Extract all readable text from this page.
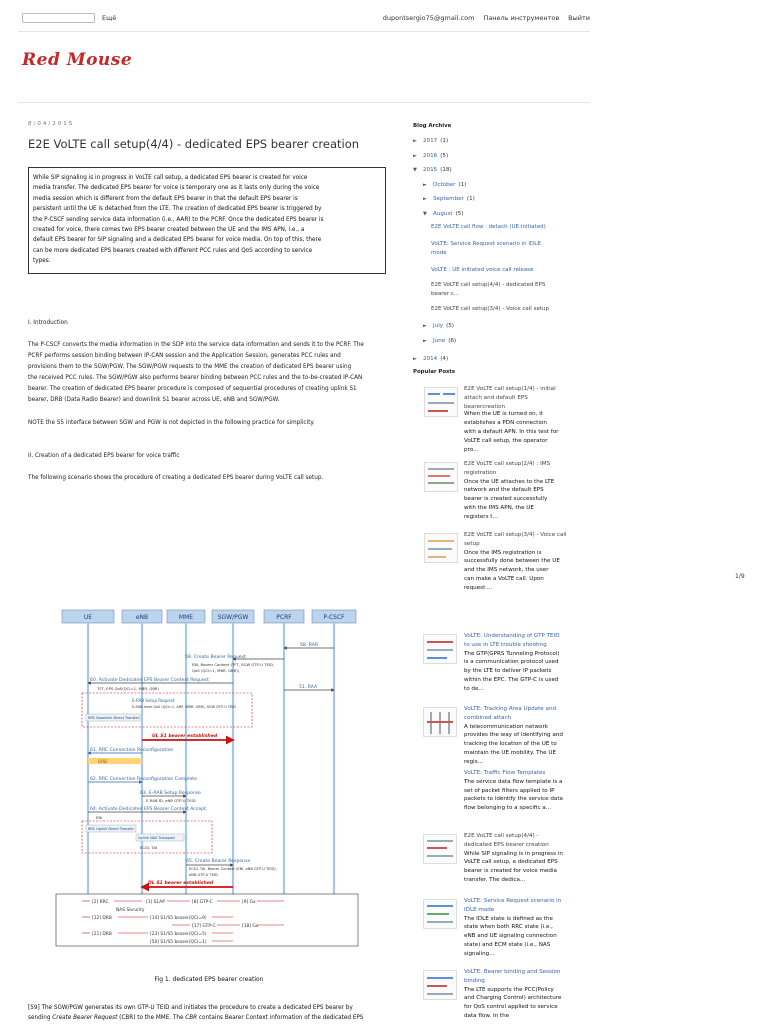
Ещё	dupontsergio75@gmail.com Панель инструментов Выйти
Red Mouse
8/04/2015
E2E VoLTE call setup(4/4) - dedicated EPS bearer creation
While SIP signaling is in progress in VoLTE call setup, a dedicated EPS bearer is created for voice
media transfer. The dedicated EPS bearer for voice is temporary one as it lasts only during the voice
media session which is different from the default EPS bearer in that the default EPS bearer is
persistent until the UE is detached from the LTE. The creation of dedicated EPS bearer is triggered by
the P-CSCF sending service data information (i.e., AAR) to the PCRF. Once the dedicated EPS bearer is
created for voice, there comes two EPS bearer created between the UE and the IMS APN, i.e., a
default EPS bearer for SIP signaling and a dedicated EPS bearer for voice media. On top of this, there
can be more dedicated EPS bearers created with different PCC rules and QoS according to service
types.
I. Introduction
The P-CSCF converts the media information in the SDP into the service data information and sends it to the PCRF. The
PCRF performs session binding between IP-CAN session and the Application Session, generates PCC rules and
provisions them to the SGW/PGW. The SGW/PGW requests to the MME the creation of dedicated EPS bearer using
the received PCC rules. The SGW/PGW also performs bearer binding between PCC rules and the to-be-created IP-CAN
bearer. The creation of dedicated EPS bearer procedure is composed of sequential procedures of creating uplink S1
bearer, DRB (Data Radio Bearer) and downlink S1 bearer across UE, eNB and SGW/PGW.
NOTE the S5 interface between SGW and PGW is not depicted in the following practice for simplicity.
II. Creation of a dedicated EPS bearer for voice traffic
The following scenario shows the procedure of creating a dedicated EPS bearer during VoLTE call setup.
Blog Archive
►	2017 (1)
►	2016 (5)
▼	2015 (18)
►	October (1)
►	September (1)
▼	August (5)
E2E VoLTE call flow : detach (UE-initiated)
VoLTE: Service Request scenario in IDLE mode
VoLTE : UE initiated voice call release
E2E VoLTE call setup(4/4) - dedicated EPS bearer c...
E2E VoLTE call setup(3/4) - Voice call setup
►	July (5)
►	June (6)
►	2014 (4)
Popular Posts
E2E VoLTE call setup(1/4) - initial attach and default EPS bearercreation
When the UE is turned on, it establishes a PDN connection with a default APN. In this test for VoLTE call setup, the operator pro...
E2E VoLTE call setup(2/4) : IMS registration
Once the UE attaches to the LTE network and the default EPS bearer is created successfully with the IMS APN, the UE registers t...
E2E VoLTE call setup(3/4) - Voice call setup
Once the IMS registration is successfully done between the UE and the IMS network, the user can make a VoLTE call. Upon request ...
1/9
VoLTE: Understanding of GTP TEID to use in LTE trouble shooting
The GTP(GPRS Tunneling Protocol) is a communication protocol used by the LTE to deliver IP packets within the EPC. The GTP-C is used to de...
VoLTE: Tracking Area Update and combined attach
A telecommunication network provides the way of identifying and tracking the location of the UE to maintain the UE mobility. The UE regis...
VoLTE: Traffic Flow Templates
The service data flow template is a set of packet filters applied to IP packets to identify the service data flow belonging to a specific a...
E2E VoLTE call setup(4/4) - dedicated EPS bearer creation
While SIP signaling is in progress in VoLTE call setup, a dedicated EPS bearer is created for voice media transfer. The dedica...
VoLTE: Service Request scenario in IDLE mode
The IDLE state is defined as the state when both RRC state (i.e., eNB and UE signaling connection state) and ECM state (i.e., NAS signaling...
VoLTE: Bearer binding and Session binding
The LTE supports the PCC(Policy and Charging Control) architecture for QoS control applied to service data flow. In the
UE	eNB	MME	SGW/PGW	PCRF	P-CSCF
58. RAR
59. Create Bearer Request
EBI, Bearer Context (TFT, SGW GTP-U TEID,
QoS (QCI=1, MBR, GBR))
60. Activate Dedicated EPS Bearer Context Request
TFT, EPS QoS(QCI=1, MBR, GBR)	51. RAA
E-RAB Setup Request
E-RAB level QoS (QCI=1, ARP, MBR, GBR), SGW GTP-U TEID
RRC Downlink Direct Transfer
UL S1 bearer established
61. RRC Connection Reconfiguration
DRB
62. RRC Connection Reconfiguration Complete
63. E-RAB Setup Response
E-RAB ID, eNB GTP-U TEID
64. Activate Dedicated EPS Bearer Context Accept
EBI
RRC Uplink Direct Transfer
Uplink NAS Transport
ECGI, TAI
65. Create Bearer Response
ECGI, TAI, Bearer Context (EBI, eNB GTP-U TEID),
eNB GTP-U TEID
DL S1 bearer established
[2] RRC	[3] S1AP	[8] GTP-C	[9] Gx
NAS Security
[12] DRB	[14] S1/S5 bearer(QCI=9)
[17] GTP-C	[18] Gx
[21] DRB	[23] S1/S5 bearer(QCI=5)
[50] S1/S5 bearer(QCI=1)
Fig 1. dedicated EPS bearer creation
[59] The SGW/PGW generates its own GTP-U TEID and initiates the procedure to create a dedicated EPS bearer by
sending Create Bearer Request (CBR) to the MME. The CBR contains Bearer Context information of the dedicated EPS
